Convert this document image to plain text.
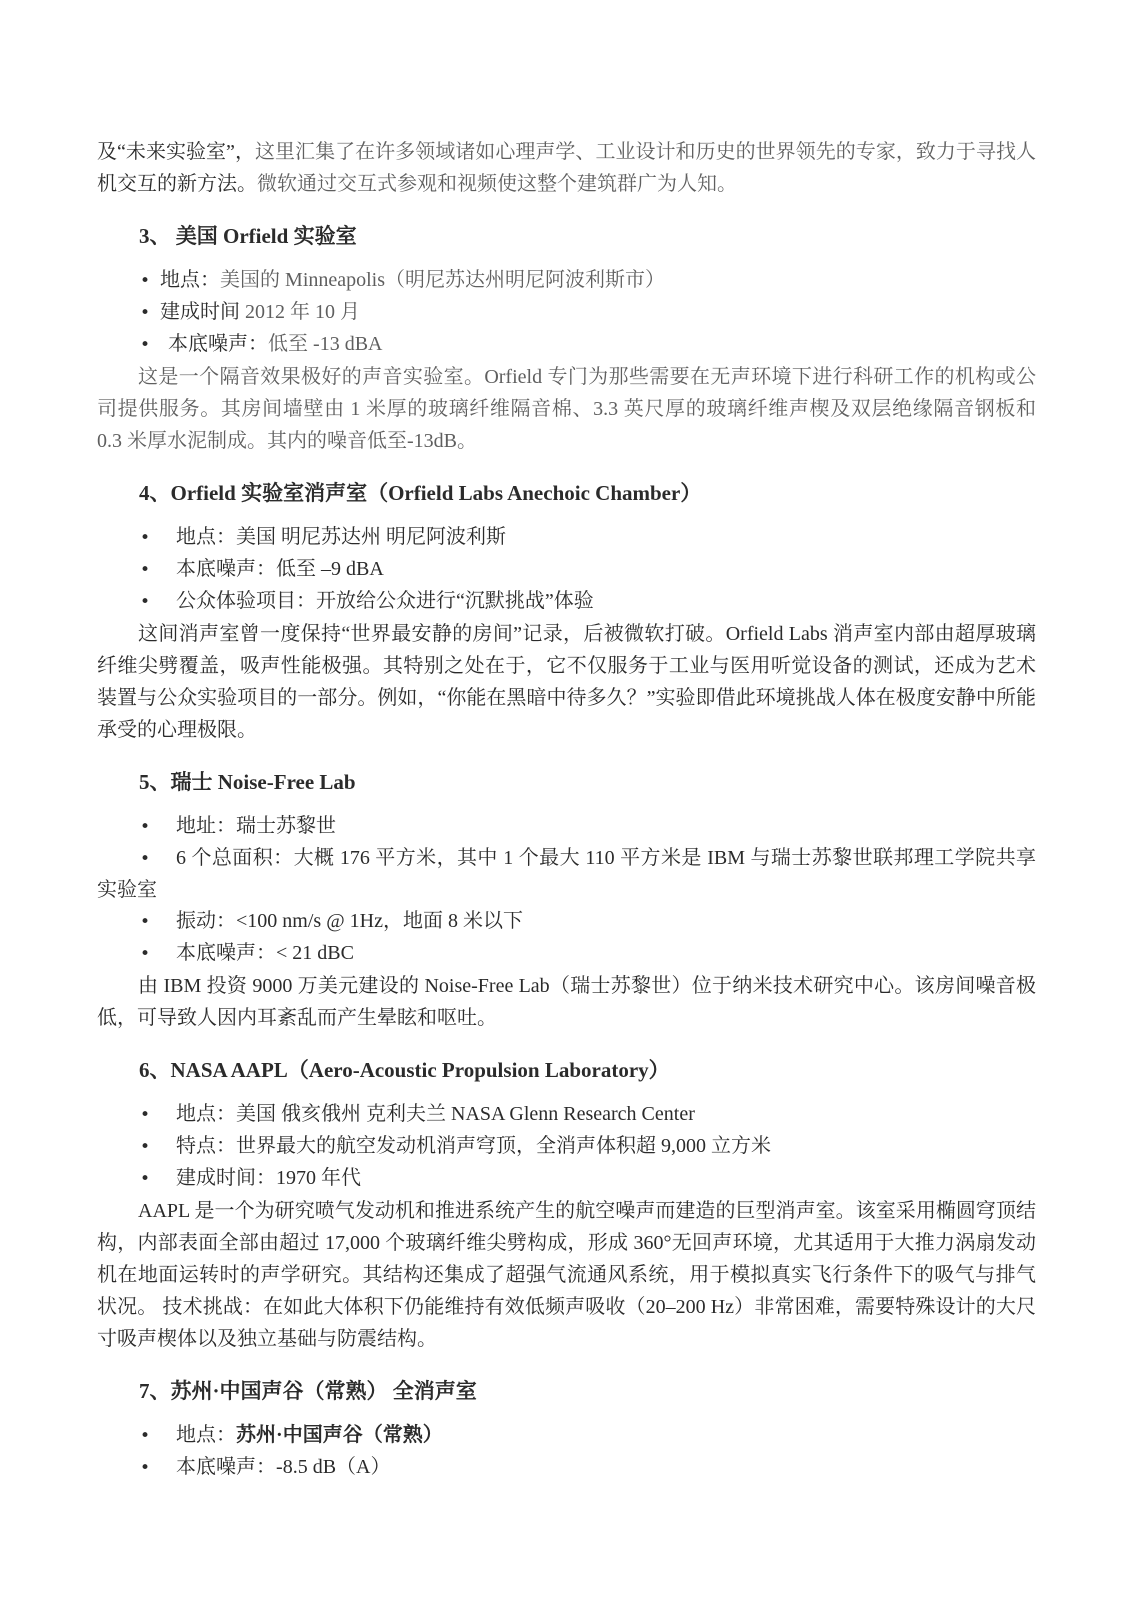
及“未来实验室”，这里汇集了在许多领域诸如心理声学、工业设计和历史的世界领先的专家，致力于寻找人机交互的新方法。微软通过交互式参观和视频使这整个建筑群广为人知。
3、 美国 Orfield 实验室
• 地点：美国的 Minneapolis（明尼苏达州明尼阿波利斯市）
• 建成时间 2012 年 10 月
• 本底噪声：低至 -13 dBA
这是一个隔音效果极好的声音实验室。Orfield 专门为那些需要在无声环境下进行科研工作的机构或公司提供服务。其房间墙壁由 1 米厚的玻璃纤维隔音棉、3.3 英尺厚的玻璃纤维声楔及双层绝缘隔音钢板和 0.3 米厚水泥制成。其内的噪音低至-13dB。
4、Orfield 实验室消声室（Orfield Labs Anechoic Chamber）
• 地点：美国 明尼苏达州 明尼阿波利斯
• 本底噪声：低至 –9 dBA
• 公众体验项目：开放给公众进行“沉默挑战”体验
这间消声室曾一度保持“世界最安静的房间”记录，后被微软打破。Orfield Labs 消声室内部由超厚玻璃纤维尖劈覆盖，吸声性能极强。其特别之处在于，它不仅服务于工业与医用听觉设备的测试，还成为艺术装置与公众实验项目的一部分。例如，“你能在黑暗中待多久？”实验即借此环境挑战人体在极度安静中所能承受的心理极限。
5、瑞士 Noise-Free Lab
• 地址：瑞士苏黎世
• 6 个总面积：大概 176 平方米，其中 1 个最大 110 平方米是 IBM 与瑞士苏黎世联邦理工学院共享实验室
• 振动：<100 nm/s @ 1Hz，地面 8 米以下
• 本底噪声：< 21 dBC
由 IBM 投资 9000 万美元建设的 Noise-Free Lab（瑞士苏黎世）位于纳米技术研究中心。该房间噪音极低，可导致人因内耳紊乱而产生晕眩和呕吐。
6、NASA AAPL（Aero-Acoustic Propulsion Laboratory）
• 地点：美国 俄亥俄州 克利夫兰 NASA Glenn Research Center
• 特点：世界最大的航空发动机消声穹顶，全消声体积超 9,000 立方米
• 建成时间：1970 年代
AAPL 是一个为研究喷气发动机和推进系统产生的航空噪声而建造的巨型消声室。该室采用椭圆穹顶结构，内部表面全部由超过 17,000 个玻璃纤维尖劈构成，形成 360°无回声环境，尤其适用于大推力涡扇发动机在地面运转时的声学研究。其结构还集成了超强气流通风系统，用于模拟真实飞行条件下的吸气与排气状况。 技术挑战：在如此大体积下仍能维持有效低频声吸收（20–200 Hz）非常困难，需要特殊设计的大尺寸吸声楔体以及独立基础与防震结构。
7、苏州·中国声谷（常熟） 全消声室
• 地点：苏州·中国声谷（常熟）
• 本底噪声：-8.5 dB（A）
